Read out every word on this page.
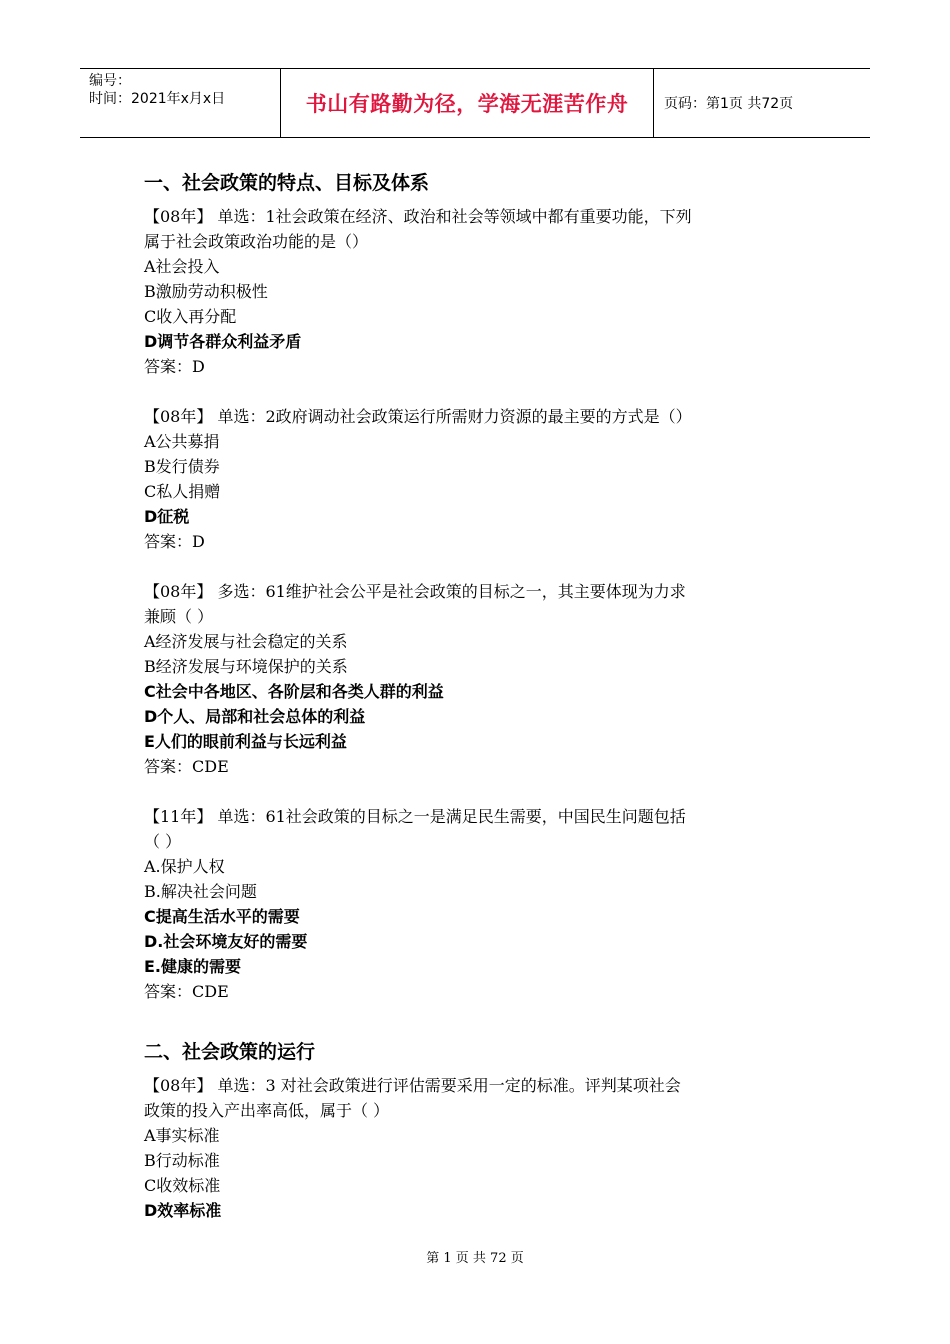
编号：
时间：2021年x月x日	书山有路勤为径，学海无涯苦作舟	页码：第1页 共72页
一、社会政策的特点、目标及体系
【08年】 单选：1社会政策在经济、政治和社会等领域中都有重要功能，下列
属于社会政策政治功能的是（）
A社会投入
B激励劳动积极性
C收入再分配
D调节各群众利益矛盾
答案：D
【08年】 单选：2政府调动社会政策运行所需财力资源的最主要的方式是（）
A公共募捐
B发行债券
C私人捐赠
D征税
答案：D
【08年】 多选：61维护社会公平是社会政策的目标之一，其主要体现为力求
兼顾（ ）
A经济发展与社会稳定的关系
B经济发展与环境保护的关系
C社会中各地区、各阶层和各类人群的利益
D个人、局部和社会总体的利益
E人们的眼前利益与长远利益
答案：CDE
【11年】 单选：61社会政策的目标之一是满足民生需要，中国民生问题包括
（ ）
A.保护人权
B.解决社会问题
C提高生活水平的需要
D.社会环境友好的需要
E.健康的需要
答案：CDE
二、社会政策的运行
【08年】 单选：3 对社会政策进行评估需要采用一定的标准。评判某项社会
政策的投入产出率高低，属于（ ）
A事实标准
B行动标准
C收效标准
D效率标准
第 1 页 共 72 页
